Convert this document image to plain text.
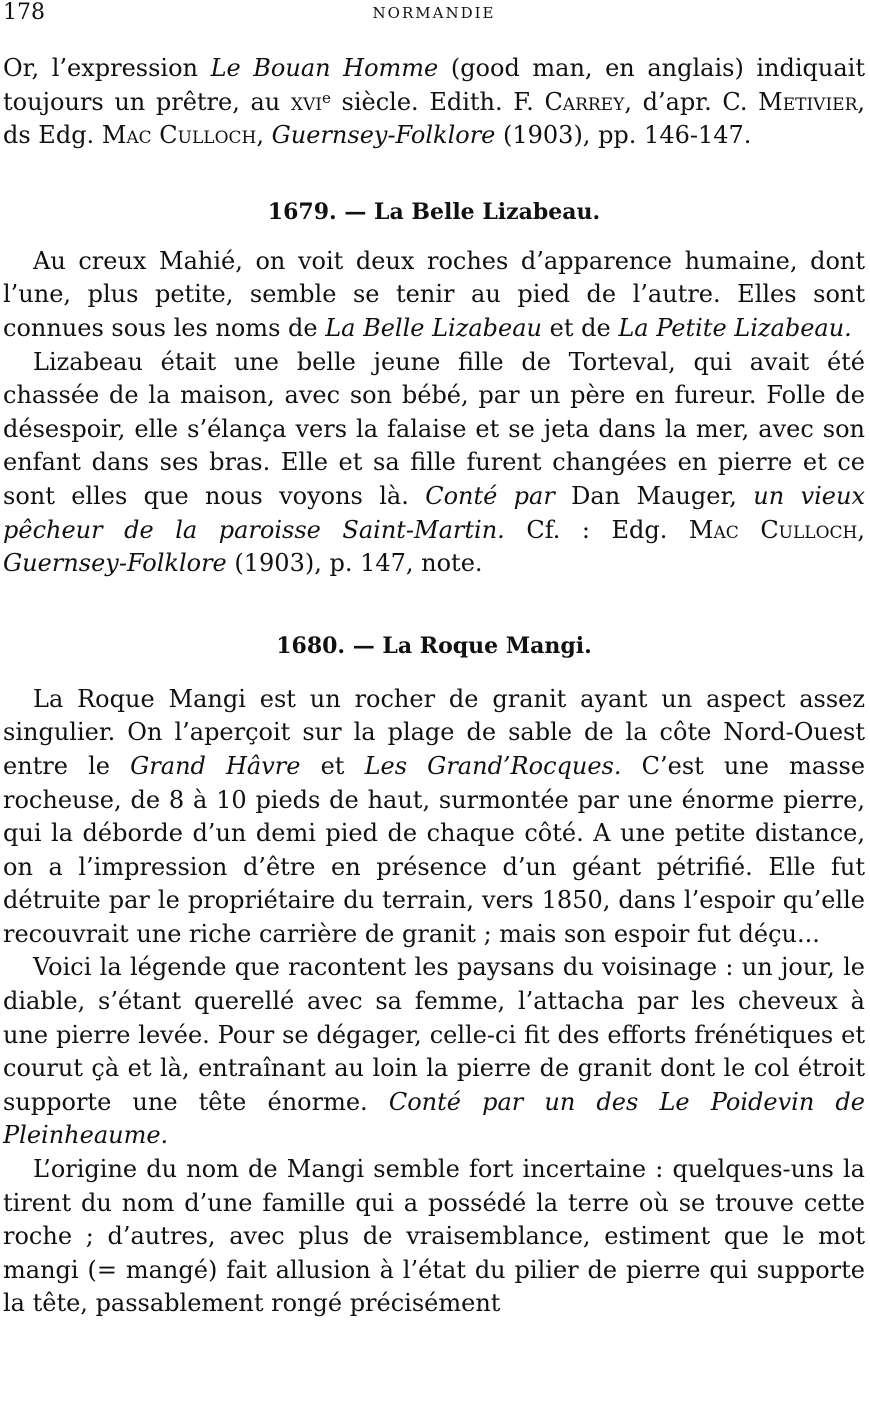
178	NORMANDIE

Or, l’expression Le Bouan Homme (good man, en anglais) indiquait toujours un prêtre, au xvi$^e$ siècle. Edith. F. Carrey, d’apr. C. Metivier, ds Edg. Mac Culloch, Guernsey-Folklore (1903), pp. 146-147.

1679. — La Belle Lizabeau.

Au creux Mahié, on voit deux roches d’apparence humaine, dont l’une, plus petite, semble se tenir au pied de l’autre. Elles sont connues sous les noms de La Belle Lizabeau et de La Petite Lizabeau.

Lizabeau était une belle jeune fille de Torteval, qui avait été chassée de la maison, avec son bébé, par un père en fureur. Folle de désespoir, elle s’élança vers la falaise et se jeta dans la mer, avec son enfant dans ses bras. Elle et sa fille furent changées en pierre et ce sont elles que nous voyons là. Conté par Dan Mauger, un vieux pêcheur de la paroisse Saint-Martin. Cf. : Edg. Mac Culloch, Guernsey-Folklore (1903), p. 147, note.

1680. — La Roque Mangi.

La Roque Mangi est un rocher de granit ayant un aspect assez singulier. On l’aperçoit sur la plage de sable de la côte Nord-Ouest entre le Grand Hâvre et Les Grand’Rocques. C’est une masse rocheuse, de 8 à 10 pieds de haut, surmontée par une énorme pierre, qui la déborde d’un demi pied de chaque côté. A une petite distance, on a l’impression d’être en présence d’un géant pétrifié. Elle fut détruite par le propriétaire du terrain, vers 1850, dans l’espoir qu’elle recouvrait une riche carrière de granit ; mais son espoir fut déçu...

Voici la légende que racontent les paysans du voisinage : un jour, le diable, s’étant querellé avec sa femme, l’attacha par les cheveux à une pierre levée. Pour se dégager, celle-ci fit des efforts frénétiques et courut çà et là, entraînant au loin la pierre de granit dont le col étroit supporte une tête énorme. Conté par un des Le Poidevin de Pleinheaume.

L’origine du nom de Mangi semble fort incertaine : quelques-uns la tirent du nom d’une famille qui a possédé la terre où se trouve cette roche ; d’autres, avec plus de vraisemblance, estiment que le mot mangi (= mangé) fait allusion à l’état du pilier de pierre qui supporte la tête, passablement rongé précisément
